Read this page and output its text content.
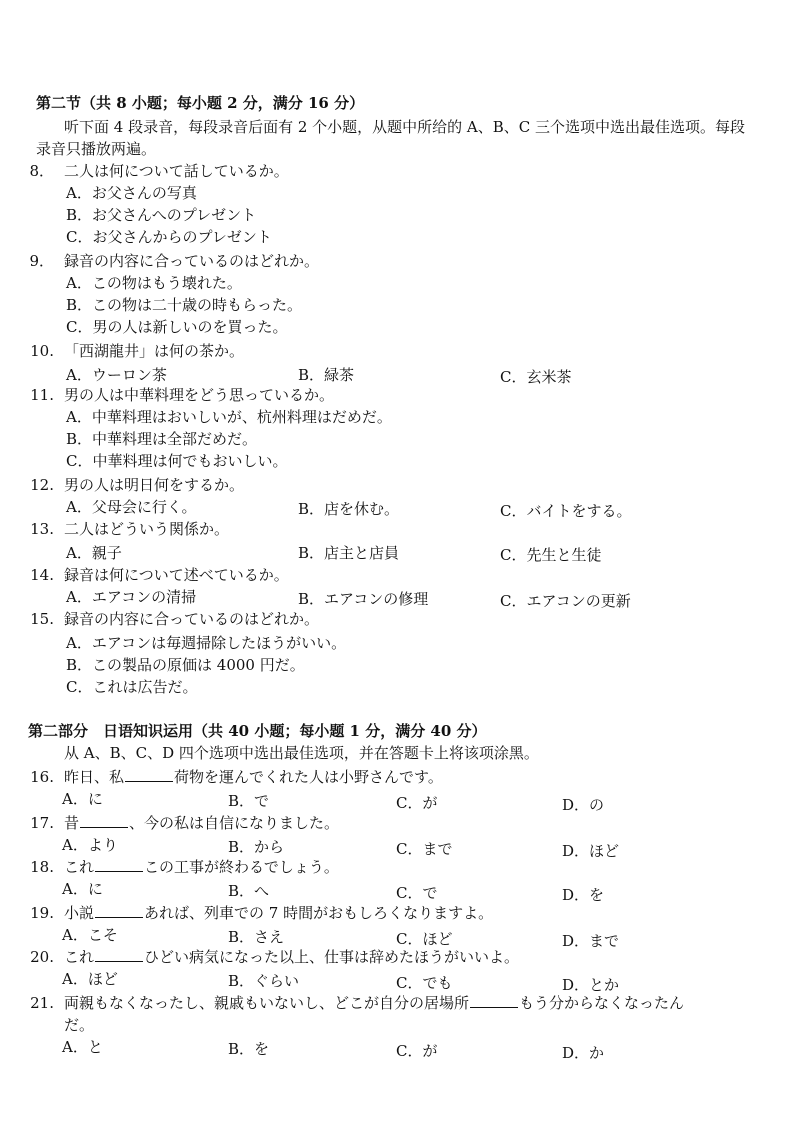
第二节（共 8 小题；每小题 2 分，满分 16 分）
听下面 4 段录音，每段录音后面有 2 个小题，从题中所给的 A、B、C 三个选项中选出最佳选项。每段录音只播放两遍。
8． 二人は何について話しているか。
A．お父さんの写真
B．お父さんへのプレゼント
C．お父さんからのプレゼント
9． 録音の内容に合っているのはどれか。
A．この物はもう壊れた。
B．この物は二十歳の時もらった。
C．男の人は新しいのを買った。
10. 「西湖龍井」は何の茶か。
A．ウーロン茶	B．緑茶	C．玄米茶
11. 男の人は中華料理をどう思っているか。
A．中華料理はおいしいが、杭州料理はだめだ。
B．中華料理は全部だめだ。
C．中華料理は何でもおいしい。
12. 男の人は明日何をするか。
A．父母会に行く。	B．店を休む。	C．バイトをする。
13. 二人はどういう関係か。
A．親子	B．店主と店員	C．先生と生徒
14. 録音は何について述べているか。
A．エアコンの清掃	B．エアコンの修理	C．エアコンの更新
15. 録音の内容に合っているのはどれか。
A．エアコンは毎週掃除したほうがいい。
B．この製品の原価は 4000 円だ。
C．これは広告だ。
第二部分　日语知识运用（共 40 小题；每小题 1 分，满分 40 分）
从 A、B、C、D 四个选项中选出最佳选项，并在答题卡上将该项涂黑。
16. 昨日、私	荷物を運んでくれた人は小野さんです。
A．に	B．で	C．が	D．の
17. 昔	、今の私は自信になりました。
A．より	B．から	C．まで	D．ほど
18. これ	この工事が終わるでしょう。
A．に	B．へ	C．で	D．を
19. 小説	あれば、列車での 7 時間がおもしろくなりますよ。
A．こそ	B．さえ	C．ほど	D．まで
20. これ	ひどい病気になった以上、仕事は辞めたほうがいいよ。
A．ほど	B．ぐらい	C．でも	D．とか
21. 両親もなくなったし、親戚もいないし、どこが自分の居場所	もう分からなくなったん
だ。
A．と	B．を	C．が	D．か
